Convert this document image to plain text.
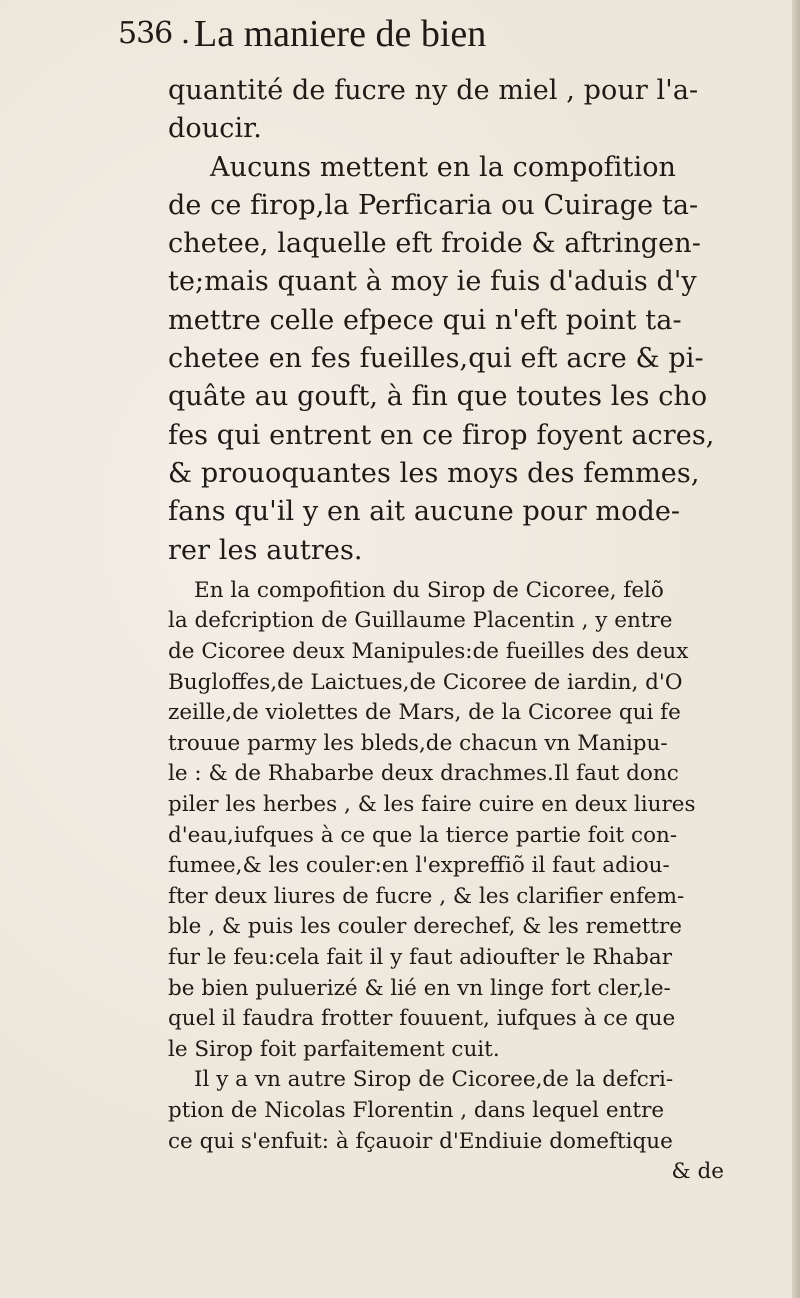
536 . La maniere de bien
quantité de fucre ny de miel , pour l'a-
doucir.
Aucuns mettent en la compofition
de ce firop,la Perficaria ou Cuirage ta-
chetee, laquelle eft froide & aftringen-
te;mais quant à moy ie fuis d'aduis d'y
mettre celle efpece qui n'eft point ta-
chetee en fes fueilles,qui eft acre & pi-
quâte au gouft, à fin que toutes les cho
fes qui entrent en ce firop foyent acres,
& prouoquantes les moys des femmes,
fans qu'il y en ait aucune pour mode-
rer les autres.
En la compofition du Sirop de Cicoree, felõ
la defcription de Guillaume Placentin , y entre
de Cicoree deux Manipules:de fueilles des deux
Bugloffes,de Laictues,de Cicoree de iardin, d'O
zeille,de violettes de Mars, de la Cicoree qui fe
trouue parmy les bleds,de chacun vn Manipu-
le : & de Rhabarbe deux drachmes.Il faut donc
piler les herbes , & les faire cuire en deux liures
d'eau,iufques à ce que la tierce partie foit con-
fumee,& les couler:en l'expreffiõ il faut adiou-
fter deux liures de fucre , & les clarifier enfem-
ble , & puis les couler derechef, & les remettre
fur le feu:cela fait il y faut adioufter le Rhabar
be bien puluerizé & lié en vn linge fort cler,le-
quel il faudra frotter fouuent, iufques à ce que
le Sirop foit parfaitement cuit.
Il y a vn autre Sirop de Cicoree,de la defcri-
ption de Nicolas Florentin , dans lequel entre
ce qui s'enfuit: à fçauoir d'Endiuie domeftique
& de
